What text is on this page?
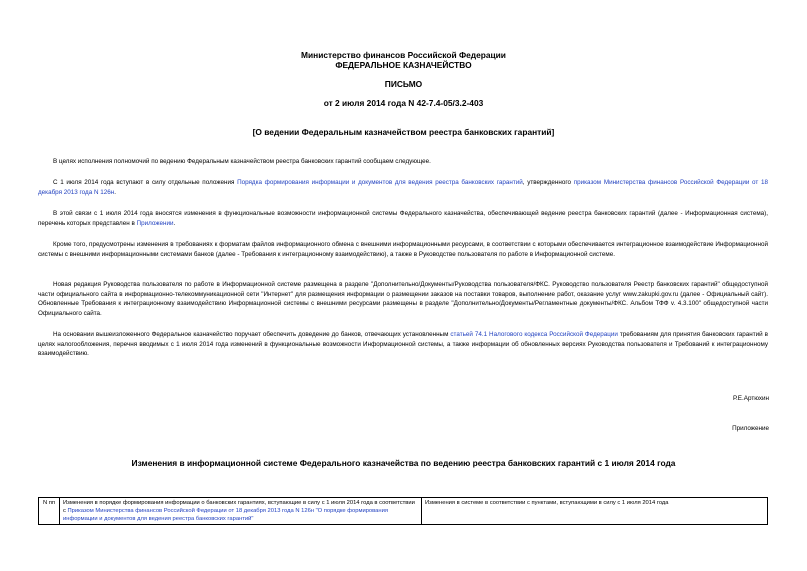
Министерство финансов Российской Федерации
ФЕДЕРАЛЬНОЕ КАЗНАЧЕЙСТВО
ПИСЬМО
от 2 июля 2014 года N 42-7.4-05/3.2-403
[О ведении Федеральным казначейством реестра банковских гарантий]
В целях исполнения полномочий по ведению Федеральным казначейством реестра банковских гарантий сообщаем следующее.
С 1 июля 2014 года вступают в силу отдельные положения Порядка формирования информации и документов для ведения реестра банковских гарантий, утвержденного приказом Министерства финансов Российской Федерации от 18 декабря 2013 года N 126н.
В этой связи с 1 июля 2014 года вносятся изменения в функциональные возможности информационной системы Федерального казначейства, обеспечивающей ведение реестра банковских гарантий (далее - Информационная система), перечень которых представлен в Приложении.
Кроме того, предусмотрены изменения в требованиях к форматам файлов информационного обмена с внешними информационными ресурсами, в соответствии с которыми обеспечивается интеграционное взаимодействие Информационной системы с внешними информационными системами банков (далее - Требования к интеграционному взаимодействию), а также в Руководстве пользователя по работе в Информационной системе.
Новая редакция Руководства пользователя по работе в Информационной системе размещена в разделе "Дополнительно/Документы/Руководства пользователя/ФКС. Руководство пользователя Реестр банковских гарантий" общедоступной части официального сайта в информационно-телекоммуникационной сети "Интернет" для размещения информации о размещении заказов на поставки товаров, выполнение работ, оказание услуг www.zakupki.gov.ru (далее - Официальный сайт). Обновленные Требования к интеграционному взаимодействию Информационной системы с внешними ресурсами размещены в разделе "Дополнительно/Документы/Регламентные документы/ФКС. Альбом ТФФ v. 4.3.100" общедоступной части Официального сайта.
На основании вышеизложенного Федеральное казначейство поручает обеспечить доведение до банков, отвечающих установленным статьей 74.1 Налогового кодекса Российской Федерации требованиям для принятия банковских гарантий в целях налогообложения, перечня вводимых с 1 июля 2014 года изменений в функциональные возможности Информационной системы, а также информации об обновленных версиях Руководства пользователя и Требований к интеграционному взаимодействию.
Р.Е.Артюхин
Приложение
Изменения в информационной системе Федерального казначейства по ведению реестра банковских гарантий с 1 июля 2014 года
N пп	Изменения в порядке формирования информации о банковских гарантиях, вступающие в силу с 1 июля 2014 года в соответствии с Приказом Министерства финансов Российской Федерации от 18 декабря 2013 года N 126н "О порядке формирования информации и документов для ведения реестра банковских гарантий"	Изменения в системе в соответствии с пунктами, вступающими в силу с 1 июля 2014 года
